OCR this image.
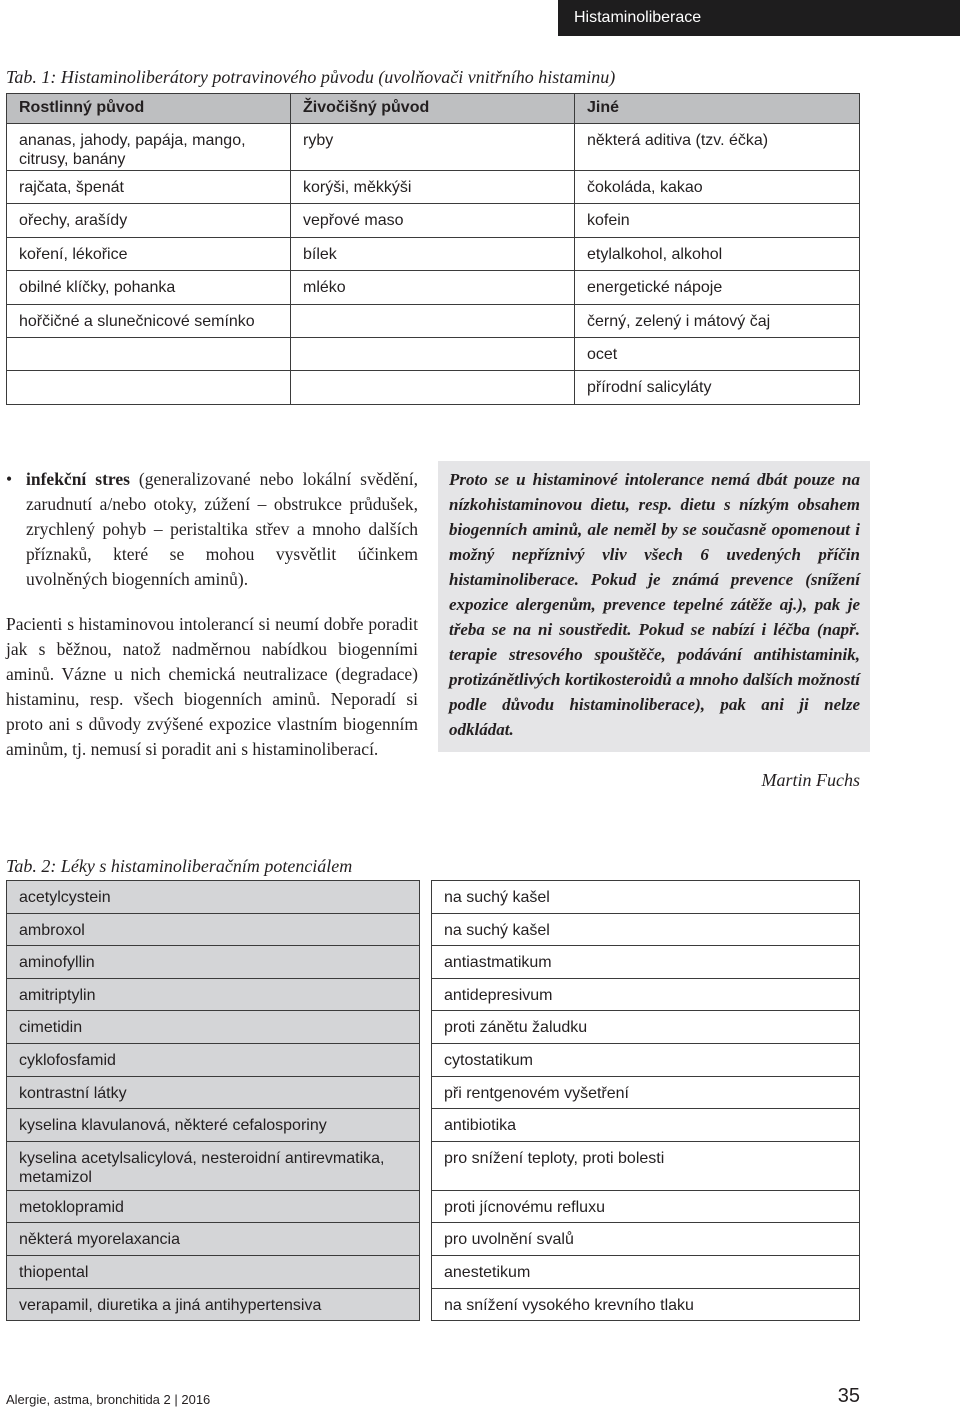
Histaminoliberace
Tab. 1: Histaminoliberátory potravinového původu (uvolňovači vnitřního histaminu)
Rostlinný původ	Živočišný původ	Jiné
ananas, jahody, papája, mango, citrusy, banány	ryby	některá aditiva (tzv. éčka)
rajčata, špenát	korýši, měkkýši	čokoláda, kakao
ořechy, arašídy	vepřové maso	kofein
koření, lékořice	bílek	etylalkohol, alkohol
obilné klíčky, pohanka	mléko	energetické nápoje
hořčičné a slunečnicové semínko		černý, zelený i mátový čaj
		ocet
		přírodní salicyláty
• infekční stres (generalizované nebo lokální svědění, zarudnutí a/nebo otoky, zúžení – obstrukce průdušek, zrychlený pohyb – peristaltika střev a mnoho dalších příznaků, které se mohou vysvětlit účinkem uvolněných biogenních aminů).

Pacienti s histaminovou intolerancí si neumí dobře poradit jak s běžnou, natož nadměrnou nabídkou biogenními aminů. Vázne u nich chemická neutralizace (degradace) histaminu, resp. všech biogenních aminů. Neporadí si proto ani s důvody zvýšené expozice vlastním biogenním aminům, tj. nemusí si poradit ani s histaminoliberací.

Proto se u histaminové intolerance nemá dbát pouze na nízkohistaminovou dietu, resp. dietu s nízkým obsahem biogenních aminů, ale neměl by se současně opomenout i možný nepříznivý vliv všech 6 uvedených příčin histaminoliberace. Pokud je známá prevence (snížení expozice alergenům, prevence tepelné zátěže aj.), pak je třeba se na ni soustředit. Pokud se nabízí i léčba (např. terapie stresového spouštěče, podávání antihistaminik, protizánětlivých kortikosteroidů a mnoho dalších možností podle důvodu histaminoliberace), pak ani ji nelze odkládat.
Martin Fuchs
Tab. 2: Léky s histaminoliberačním potenciálem
acetylcystein		na suchý kašel
ambroxol		na suchý kašel
aminofyllin		antiastmatikum
amitriptylin		antidepresivum
cimetidin		proti zánětu žaludku
cyklofosfamid		cytostatikum
kontrastní látky		při rentgenovém vyšetření
kyselina klavulanová, některé cefalosporiny		antibiotika
kyselina acetylsalicylová, nesteroidní antirevmatika, metamizol		pro snížení teploty, proti bolesti
metoklopramid		proti jícnovému refluxu
některá myorelaxancia		pro uvolnění svalů
thiopental		anestetikum
verapamil, diuretika a jiná antihypertensiva		na snížení vysokého krevního tlaku
Alergie, astma, bronchitida 2 | 2016	35
